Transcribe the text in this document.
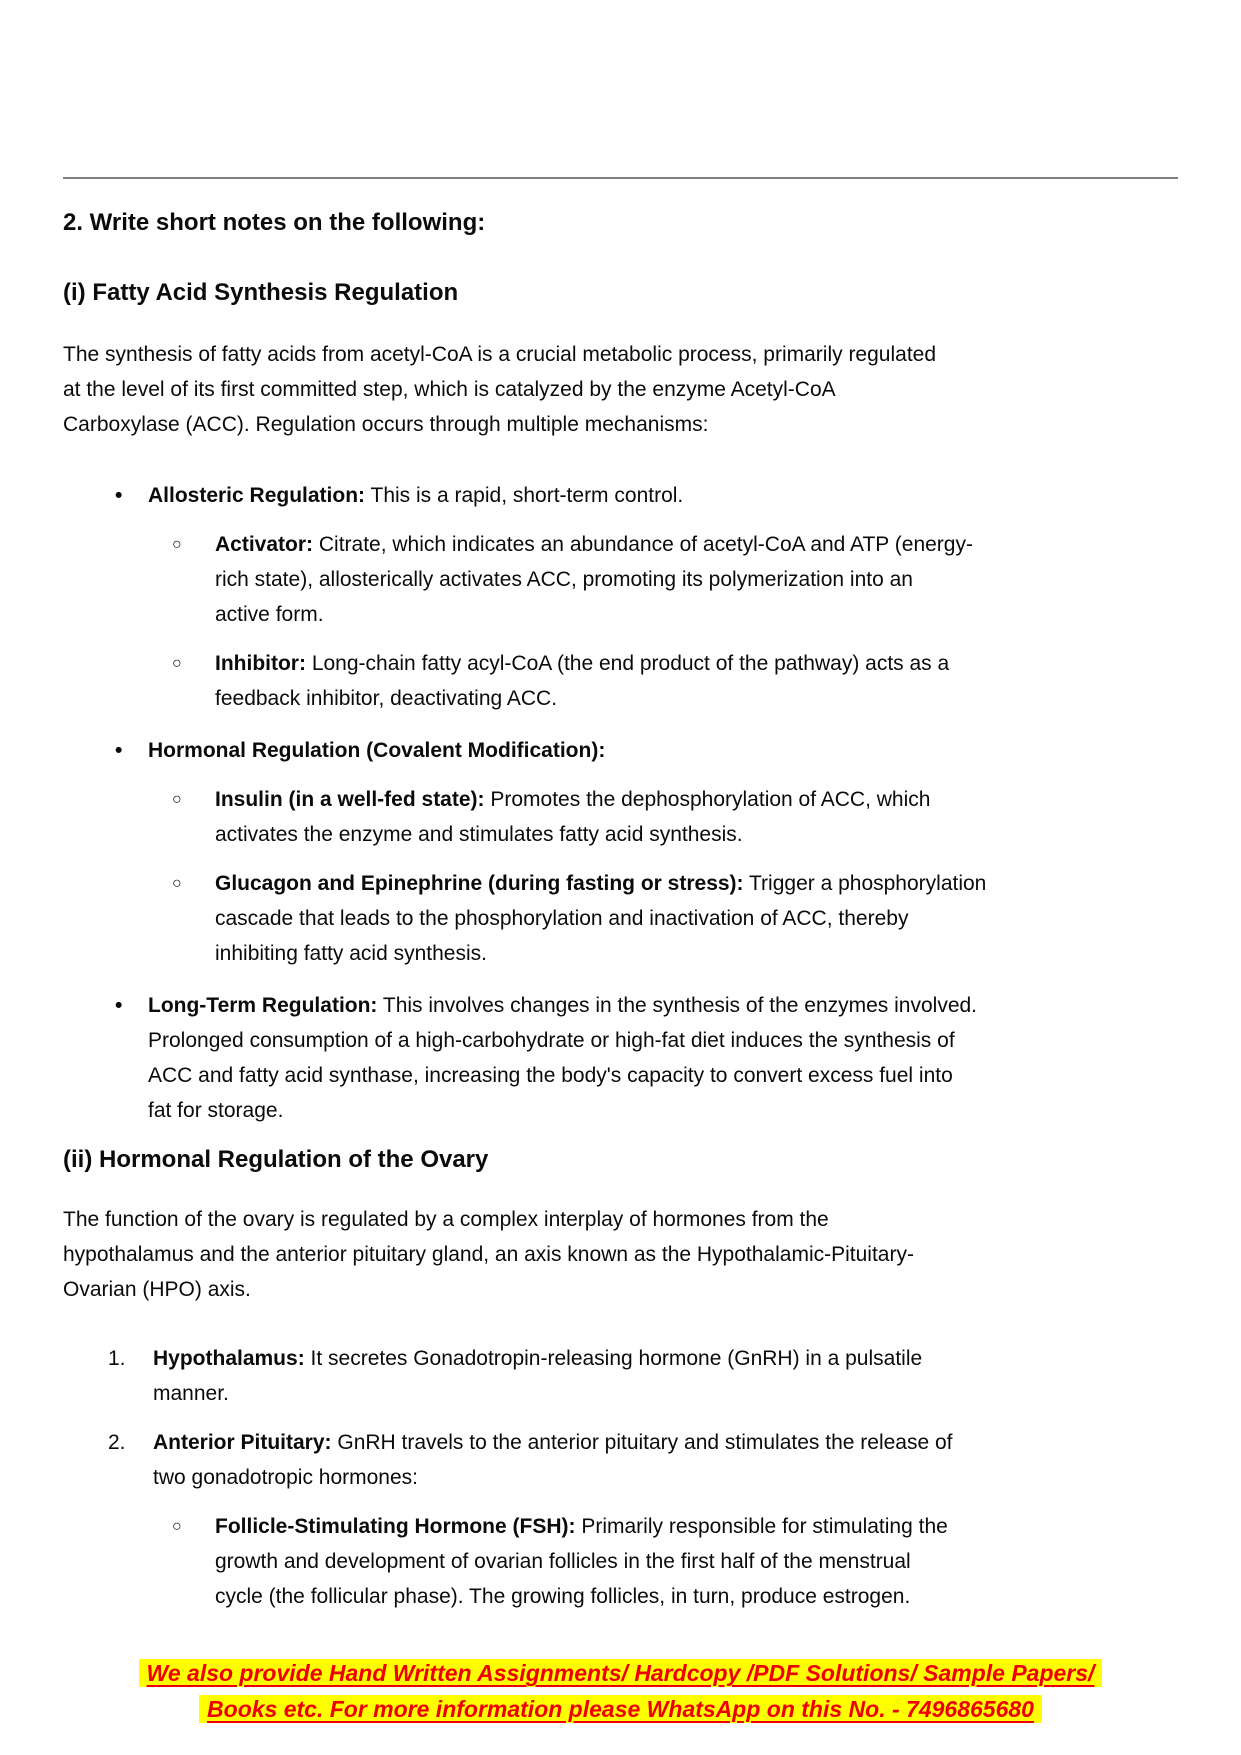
2. Write short notes on the following:
(i) Fatty Acid Synthesis Regulation
The synthesis of fatty acids from acetyl-CoA is a crucial metabolic process, primarily regulated
at the level of its first committed step, which is catalyzed by the enzyme Acetyl-CoA
Carboxylase (ACC). Regulation occurs through multiple mechanisms:
• Allosteric Regulation: This is a rapid, short-term control.
○ Activator: Citrate, which indicates an abundance of acetyl-CoA and ATP (energy-
rich state), allosterically activates ACC, promoting its polymerization into an
active form.
○ Inhibitor: Long-chain fatty acyl-CoA (the end product of the pathway) acts as a
feedback inhibitor, deactivating ACC.
• Hormonal Regulation (Covalent Modification):
○ Insulin (in a well-fed state): Promotes the dephosphorylation of ACC, which
activates the enzyme and stimulates fatty acid synthesis.
○ Glucagon and Epinephrine (during fasting or stress): Trigger a phosphorylation
cascade that leads to the phosphorylation and inactivation of ACC, thereby
inhibiting fatty acid synthesis.
• Long-Term Regulation: This involves changes in the synthesis of the enzymes involved.
Prolonged consumption of a high-carbohydrate or high-fat diet induces the synthesis of
ACC and fatty acid synthase, increasing the body's capacity to convert excess fuel into
fat for storage.
(ii) Hormonal Regulation of the Ovary
The function of the ovary is regulated by a complex interplay of hormones from the
hypothalamus and the anterior pituitary gland, an axis known as the Hypothalamic-Pituitary-
Ovarian (HPO) axis.
1. Hypothalamus: It secretes Gonadotropin-releasing hormone (GnRH) in a pulsatile
manner.
2. Anterior Pituitary: GnRH travels to the anterior pituitary and stimulates the release of
two gonadotropic hormones:
○ Follicle-Stimulating Hormone (FSH): Primarily responsible for stimulating the
growth and development of ovarian follicles in the first half of the menstrual
cycle (the follicular phase). The growing follicles, in turn, produce estrogen.
We also provide Hand Written Assignments/ Hardcopy /PDF Solutions/ Sample Papers/
Books etc. For more information please WhatsApp on this No. - 7496865680
